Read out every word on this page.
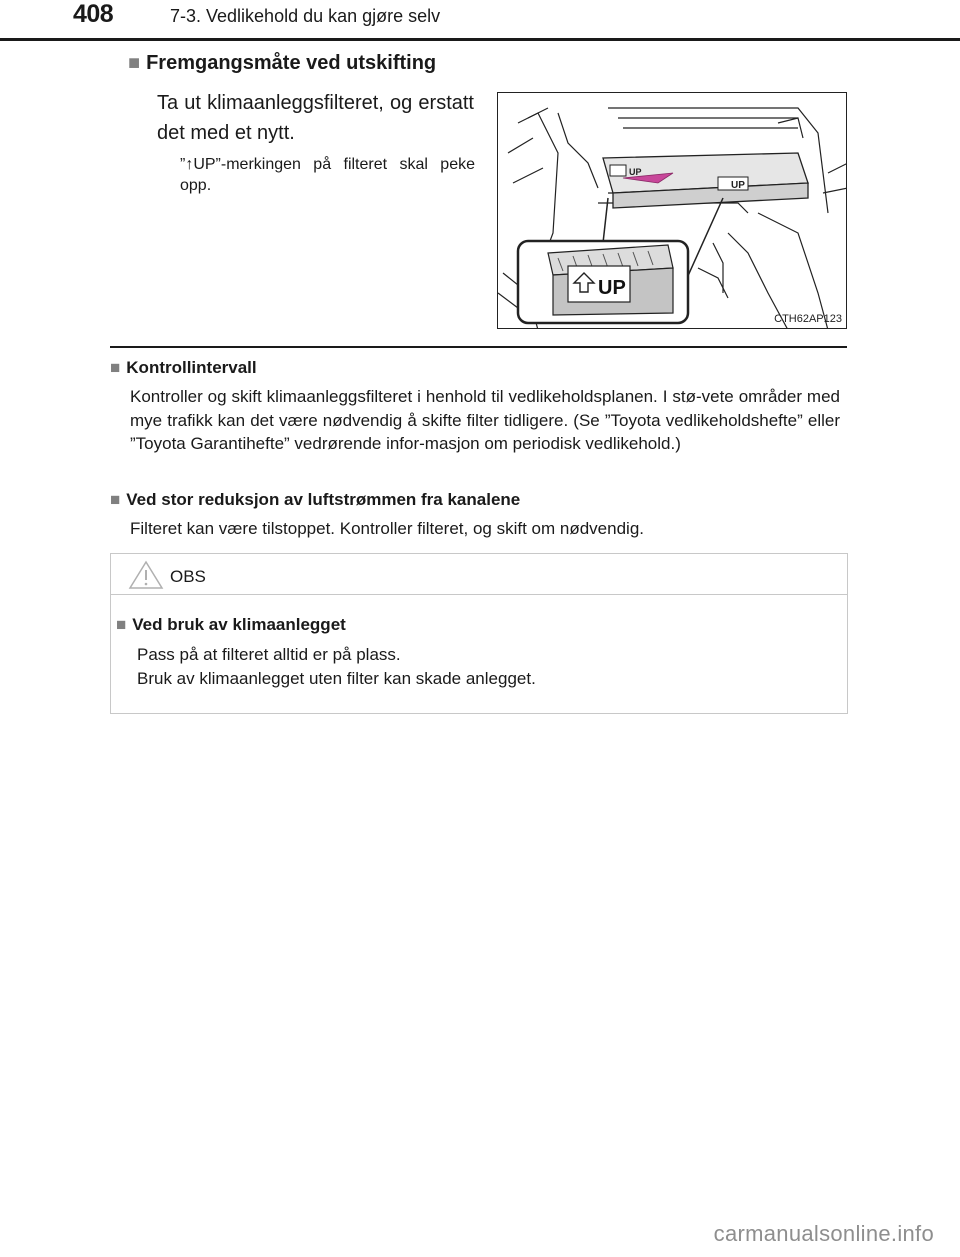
408	7-3. Vedlikehold du kan gjøre selv
■ Fremgangsmåte ved utskifting
Ta ut klimaanleggsfilteret, og erstatt det med et nytt.
”↑UP”-merkingen på filteret skal peke opp.
UP
UP
UP
CTH62AP123
■ Kontrollintervall
Kontroller og skift klimaanleggsfilteret i henhold til vedlikeholdsplanen. I stø-vete områder med mye trafikk kan det være nødvendig å skifte filter tidligere. (Se ”Toyota vedlikeholdshefte” eller ”Toyota Garantihefte” vedrørende infor-masjon om periodisk vedlikehold.)
■ Ved stor reduksjon av luftstrømmen fra kanalene
Filteret kan være tilstoppet. Kontroller filteret, og skift om nødvendig.
OBS
■ Ved bruk av klimaanlegget
Pass på at filteret alltid er på plass.
Bruk av klimaanlegget uten filter kan skade anlegget.
carmanualsonline.info
